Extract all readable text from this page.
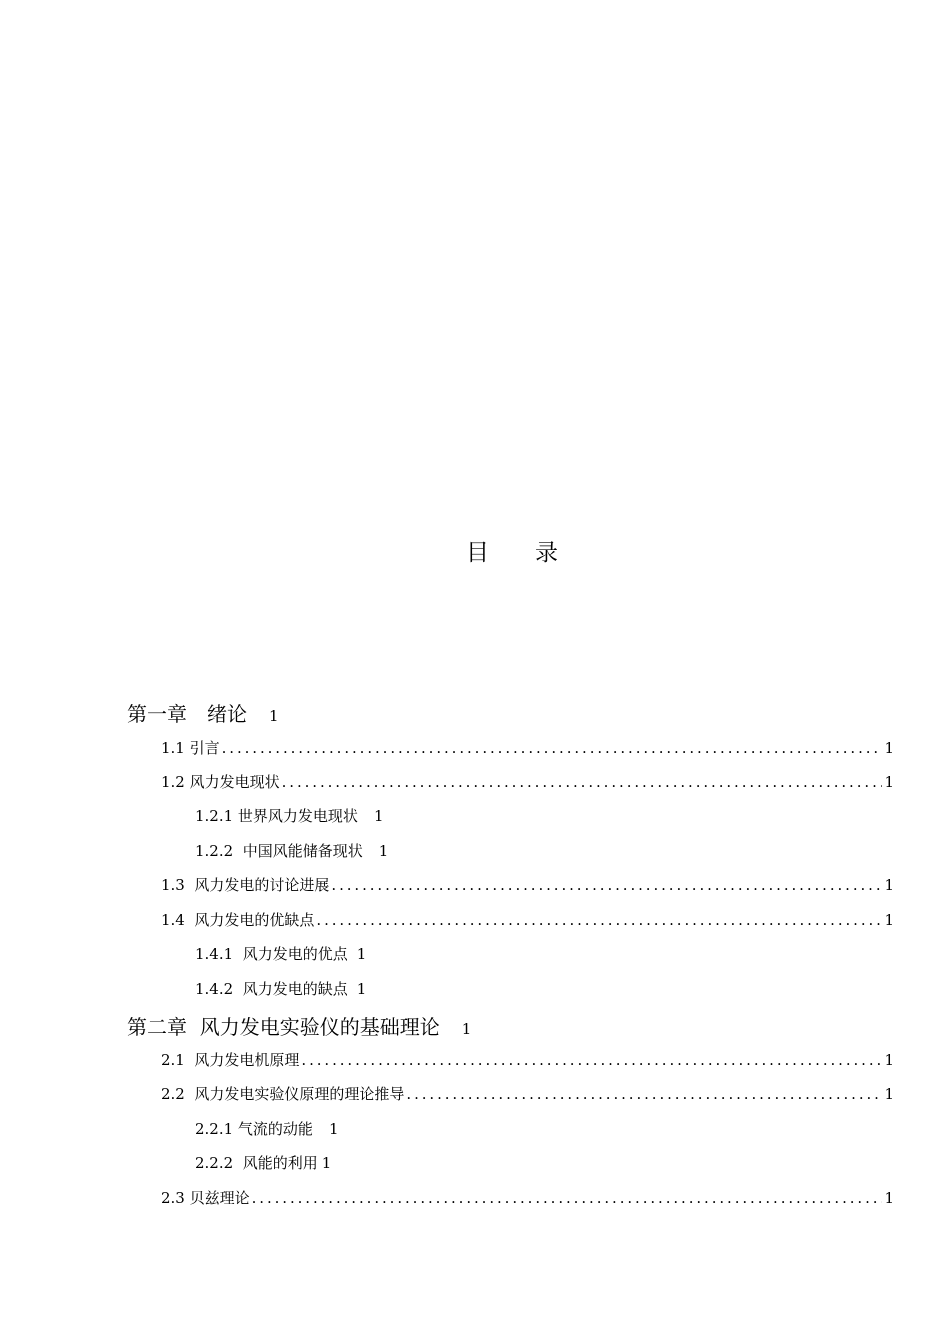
目　　录
第一章　绪论 1
1.1 引言 .....	1
1.2 风力发电现状 .....	1
1.2.1 世界风力发电现状 1
1.2.2  中国风能储备现状 1
1.3  风力发电的讨论进展 .....	1
1.4  风力发电的优缺点 .....	1
1.4.1  风力发电的优点 1
1.4.2  风力发电的缺点 1
第二章  风力发电实验仪的基础理论 1
2.1  风力发电机原理 .....	1
2.2  风力发电实验仪原理的理论推导 .....	1
2.2.1 气流的动能 1
2.2.2  风能的利用 1
2.3 贝兹理论 .....	1
